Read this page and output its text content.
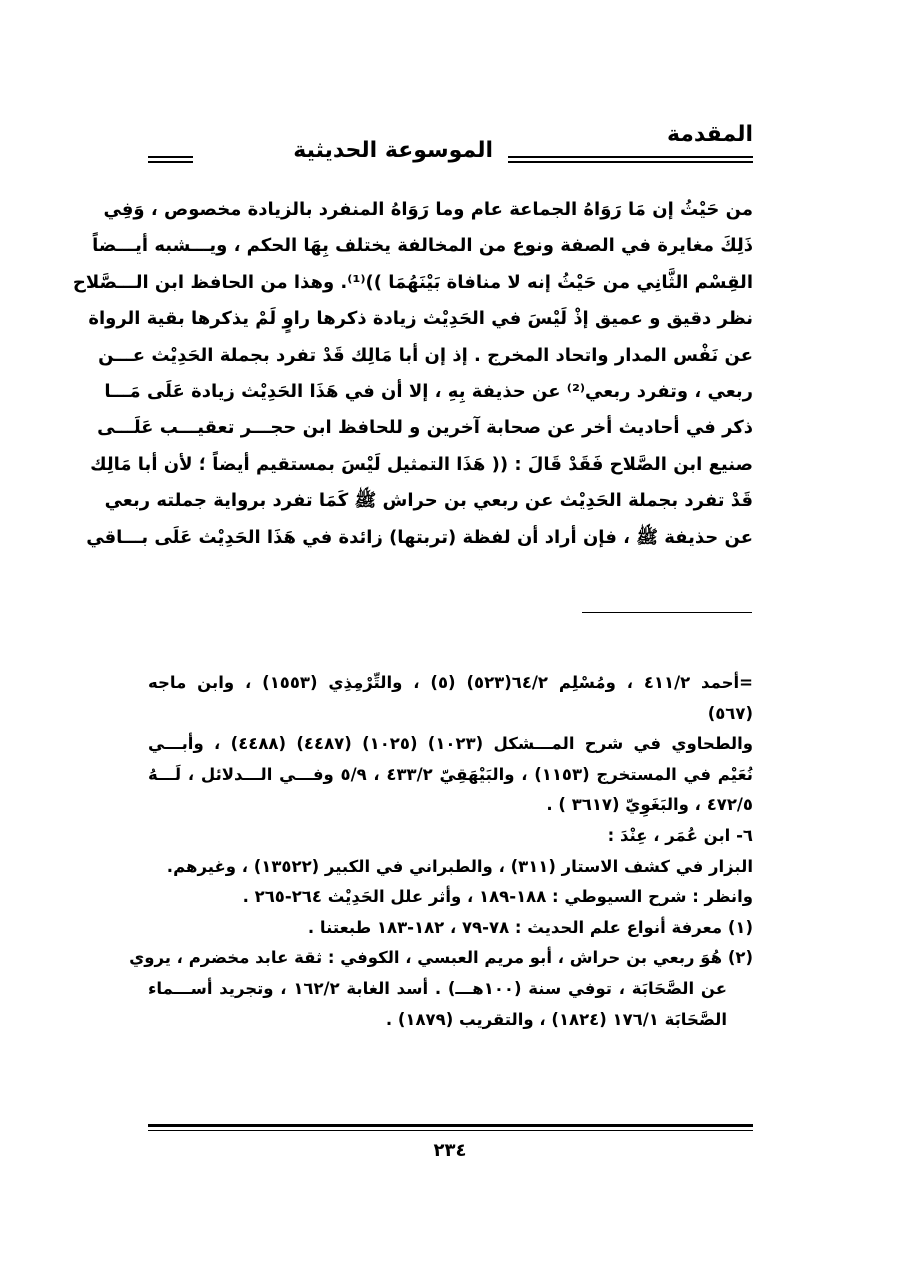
المقدمة
الموسوعة الحديثية
من حَيْثُ إن مَا رَوَاهُ الجماعة عام وما رَوَاهُ المنفرد بالزيادة مخصوص ، وَفِي
ذَلِكَ مغايرة في الصفة ونوع من المخالفة يختلف بِهَا الحكم ، ويـــشبه أيـــضاً
القِسْم الثَّانِي من حَيْثُ إنه لا منافاة بَيْنَهُمَا ))⁽¹⁾. وهذا من الحافظ ابن الـــصَّلاح
نظر دقيق و عميق إذْ لَيْسَ في الحَدِيْث زيادة ذكرها راوٍ لَمْ يذكرها بقية الرواة
عن نَفْس المدار واتحاد المخرج . إذ إن أبا مَالِك قَدْ تفرد بجملة الحَدِيْث عـــن
ربعي ، وتفرد ربعي⁽²⁾ عن حذيفة بِهِ ، إلا أن في هَذَا الحَدِيْث زيادة عَلَى مَـــا
ذكر في أحاديث أخر عن صحابة آخرين و للحافظ ابن حجـــر تعقيـــب عَلَـــى
صنيع ابن الصَّلاح فَقَدْ قَالَ : (( هَذَا التمثيل لَيْسَ بمستقيم أيضاً ؛ لأن أبا مَالِك
قَدْ تفرد بجملة الحَدِيْث عن ربعي بن حراش ﷺ كَمَا تفرد برواية جملته ربعي
عن حذيفة ﷺ ، فإن أراد أن لفظة (تربتها) زائدة في هَذَا الحَدِيْث عَلَى بـــاقي
=أحمد ٤١١/٢ ، ومُسْلِم ٦٤/٢(٥٢٣) (٥) ، والتِّرْمِذِي (١٥٥٣) ، وابن ماجه
(٥٦٧)
والطحاوي في شرح المـــشكل (١٠٢٣) (١٠٢٥) (٤٤٨٧) (٤٤٨٨) ، وأبـــي
نُعَيْم في المستخرج (١١٥٣) ، والبَيْهَقِيّ ٤٣٣/٢ ، ٥/٩ وفـــي الـــدلائل ، لَـــهُ
٤٧٢/٥ ، والبَغَوِيّ (٣٦١٧ ) .
٦- ابن عُمَر ، عِنْدَ :
البزار في كشف الاستار (٣١١) ، والطبراني في الكبير (١٣٥٢٢) ، وغيرهم.
وانظر : شرح السيوطي : ١٨٨-١٨٩ ، وأثر علل الحَدِيْث ٢٦٤-٢٦٥ .
(١) معرفة أنواع علم الحديث : ٧٨-٧٩ ، ١٨٢-١٨٣ طبعتنا .
(٢) هُوَ ربعي بن حراش ، أبو مريم العبسي ، الكوفي : ثقة عابد مخضرم ، يروي
عن الصَّحَابَة ، توفي سنة (١٠٠هـــ) . أسد الغابة ١٦٢/٢ ، وتجريد أســـماء
الصَّحَابَة ١٧٦/١ (١٨٢٤) ، والتقريب (١٨٧٩) .
٢٣٤
